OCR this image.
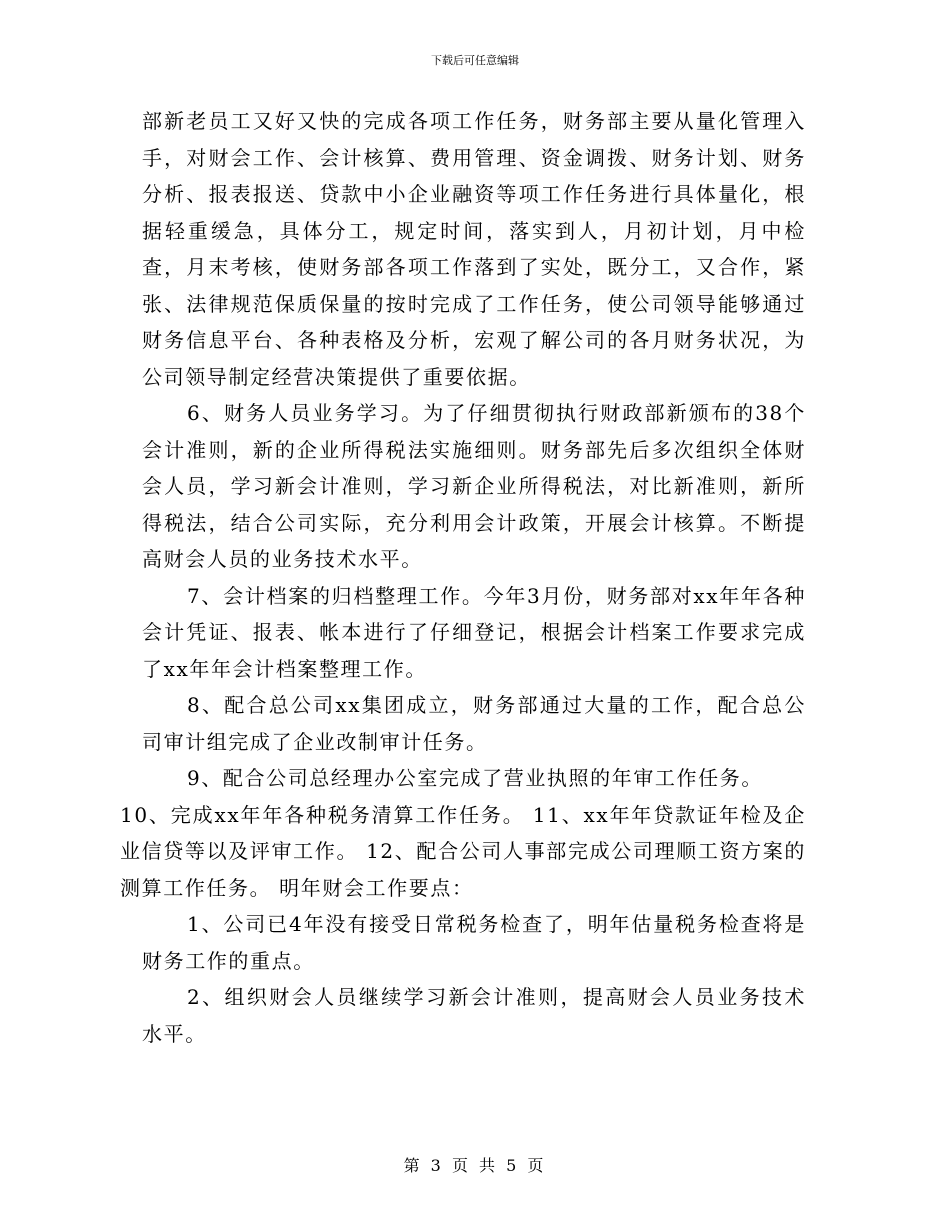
下载后可任意编辑

部新老员工又好又快的完成各项工作任务，财务部主要从量化管理入手，对财会工作、会计核算、费用管理、资金调拨、财务计划、财务分析、报表报送、贷款中小企业融资等项工作任务进行具体量化，根据轻重缓急，具体分工，规定时间，落实到人，月初计划，月中检查，月末考核，使财务部各项工作落到了实处，既分工，又合作，紧张、法律规范保质保量的按时完成了工作任务，使公司领导能够通过财务信息平台、各种表格及分析，宏观了解公司的各月财务状况，为公司领导制定经营决策提供了重要依据。

6、财务人员业务学习。为了仔细贯彻执行财政部新颁布的38个会计准则，新的企业所得税法实施细则。财务部先后多次组织全体财会人员，学习新会计准则，学习新企业所得税法，对比新准则，新所得税法，结合公司实际，充分利用会计政策，开展会计核算。不断提高财会人员的业务技术水平。

7、会计档案的归档整理工作。今年3月份，财务部对xx年年各种会计凭证、报表、帐本进行了仔细登记，根据会计档案工作要求完成了xx年年会计档案整理工作。

8、配合总公司xx集团成立，财务部通过大量的工作，配合总公司审计组完成了企业改制审计任务。

9、配合公司总经理办公室完成了营业执照的年审工作任务。

10、完成xx年年各种税务清算工作任务。 11、xx年年贷款证年检及企业信贷等以及评审工作。 12、配合公司人事部完成公司理顺工资方案的测算工作任务。 明年财会工作要点：

1、公司已4年没有接受日常税务检查了，明年估量税务检查将是财务工作的重点。

2、组织财会人员继续学习新会计准则，提高财会人员业务技术水平。

第 3 页 共 5 页
